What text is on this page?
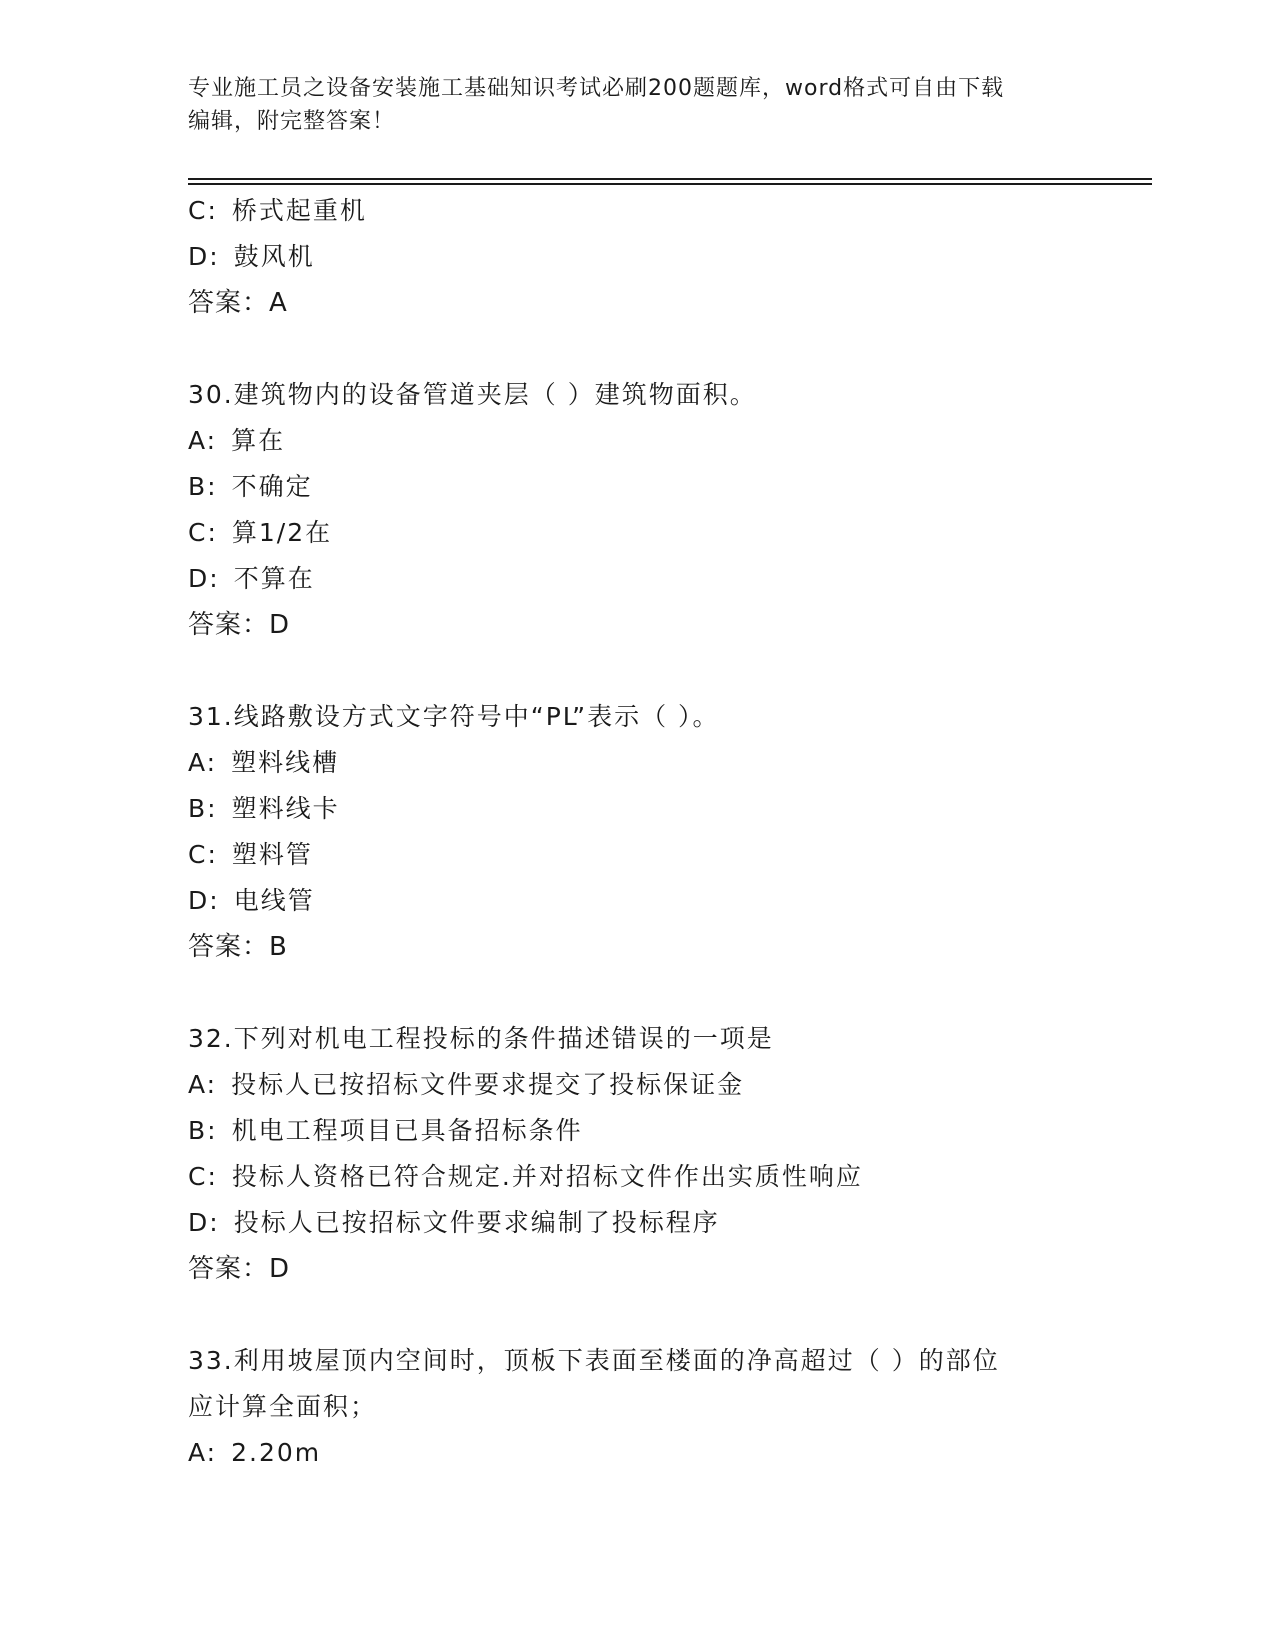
专业施工员之设备安装施工基础知识考试必刷200题题库，word格式可自由下载
编辑，附完整答案！
C: 桥式起重机
D: 鼓风机
答案：A
30.建筑物内的设备管道夹层（ ）建筑物面积。
A: 算在
B: 不确定
C: 算1/2在
D: 不算在
答案：D
31.线路敷设方式文字符号中“PL”表示（ ）。
A: 塑料线槽
B: 塑料线卡
C: 塑料管
D: 电线管
答案：B
32.下列对机电工程投标的条件描述错误的一项是
A: 投标人已按招标文件要求提交了投标保证金
B: 机电工程项目已具备招标条件
C: 投标人资格已符合规定.并对招标文件作出实质性响应
D: 投标人已按招标文件要求编制了投标程序
答案：D
33.利用坡屋顶内空间时，顶板下表面至楼面的净高超过（ ）的部位
应计算全面积；
A: 2.20m
